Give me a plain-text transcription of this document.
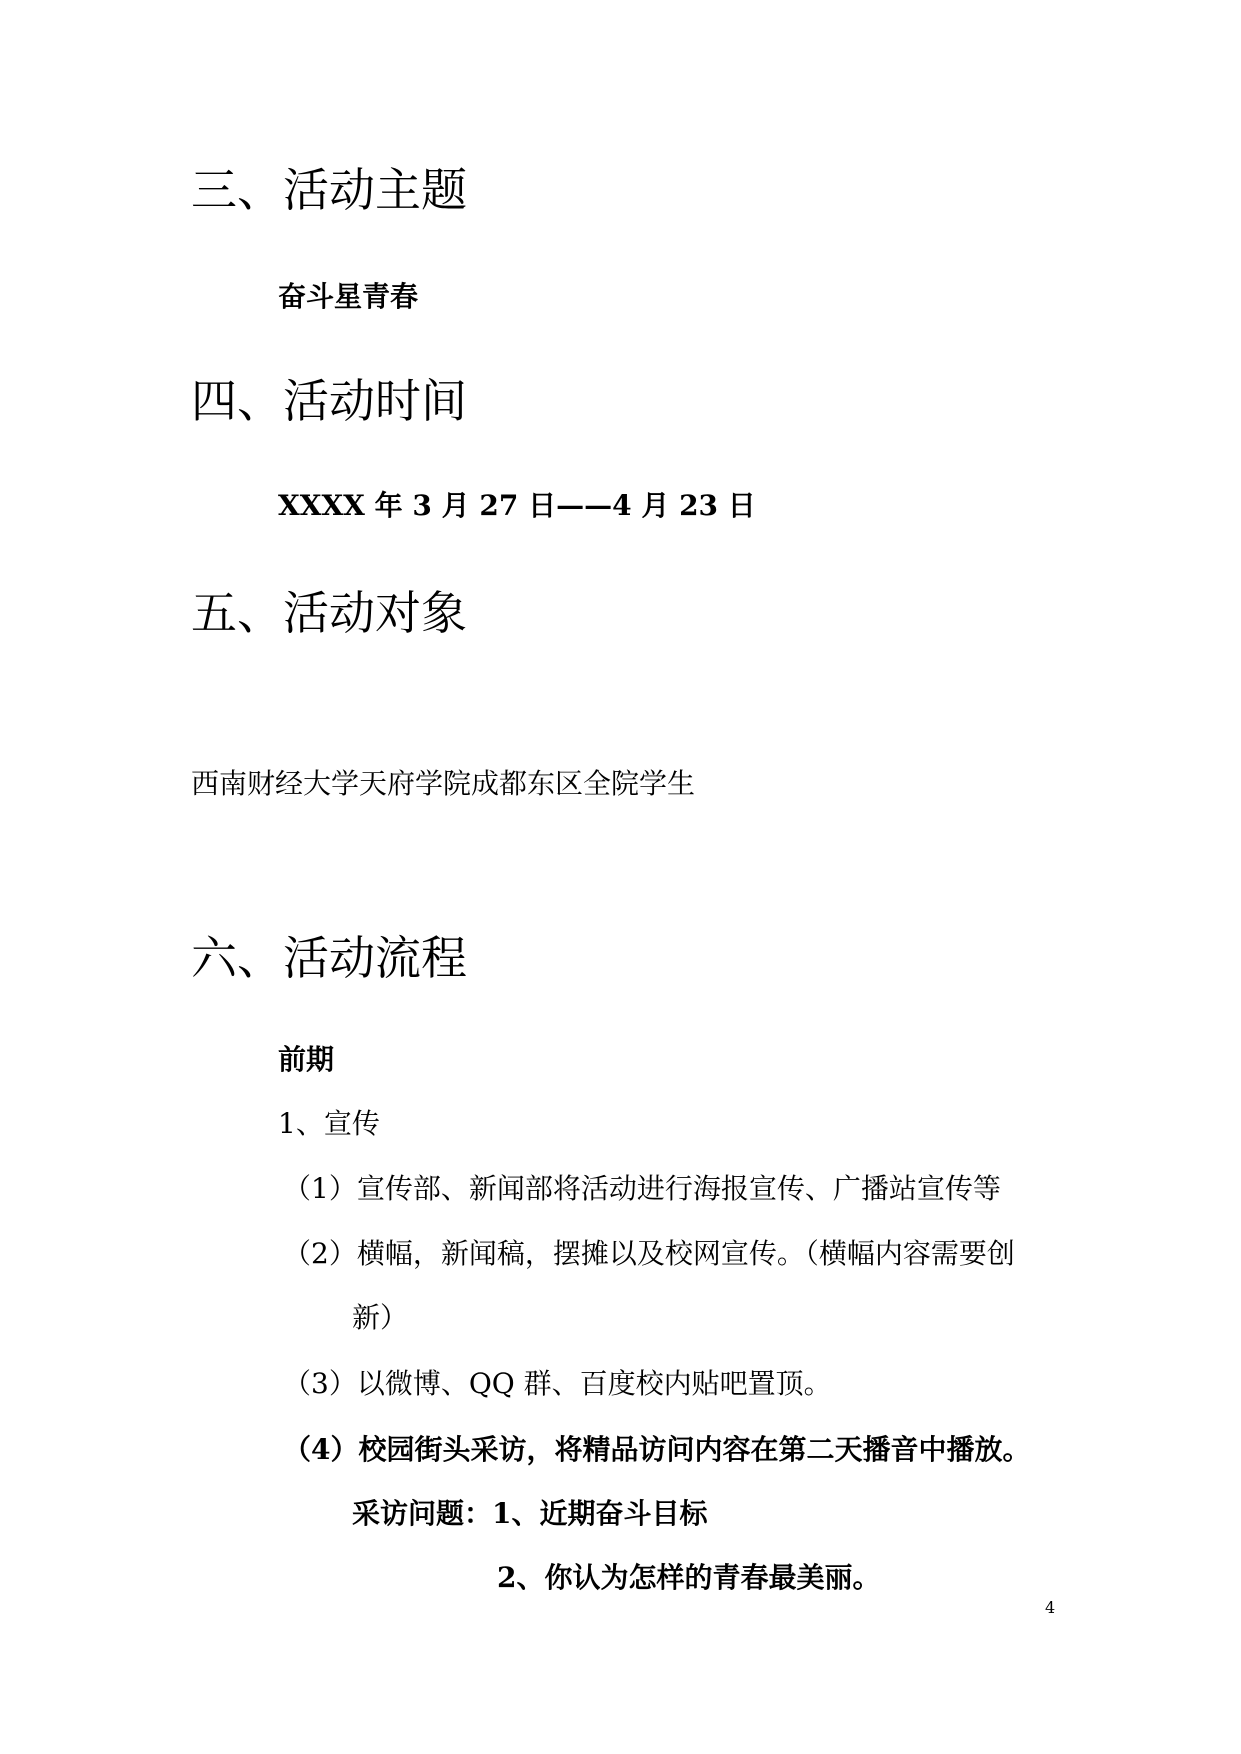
三、活动主题

奋斗星青春

四、活动时间

XXXX 年 3 月 27 日——4 月 23 日

五、活动对象

西南财经大学天府学院成都东区全院学生

六、活动流程

前期

1、宣传

（1）宣传部、新闻部将活动进行海报宣传、广播站宣传等

（2）横幅，新闻稿，摆摊以及校网宣传。（横幅内容需要创

新）

（3）以微博、QQ 群、百度校内贴吧置顶。

（4）校园街头采访，将精品访问内容在第二天播音中播放。

采访问题：1、近期奋斗目标

2、你认为怎样的青春最美丽。

4
